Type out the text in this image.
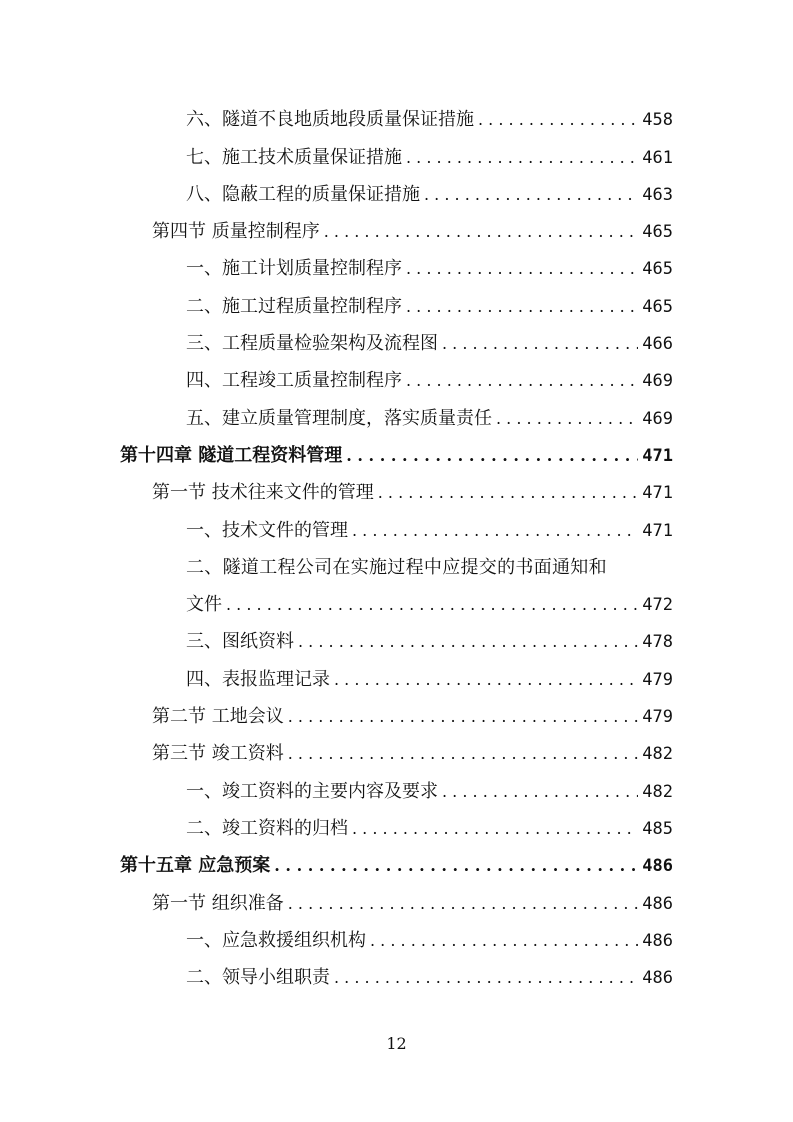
六、隧道不良地质地段质量保证措施 . . .	458
七、施工技术质量保证措施 . . .	461
八、隐蔽工程的质量保证措施 . . .	463
第四节 质量控制程序 . . .	465
一、施工计划质量控制程序 . . .	465
二、施工过程质量控制程序 . . .	465
三、工程质量检验架构及流程图 . . .	466
四、工程竣工质量控制程序 . . .	469
五、建立质量管理制度，落实质量责任 . . .	469
第十四章 隧道工程资料管理 . . .	471
第一节 技术往来文件的管理 . . .	471
一、技术文件的管理 . . .	471
二、隧道工程公司在实施过程中应提交的书面通知和
文件 . . .	472
三、图纸资料 . . .	478
四、表报监理记录 . . .	479
第二节 工地会议 . . .	479
第三节 竣工资料 . . .	482
一、竣工资料的主要内容及要求 . . .	482
二、竣工资料的归档 . . .	485
第十五章 应急预案 . . .	486
第一节 组织准备 . . .	486
一、应急救援组织机构 . . .	486
二、领导小组职责 . . .	486
12
